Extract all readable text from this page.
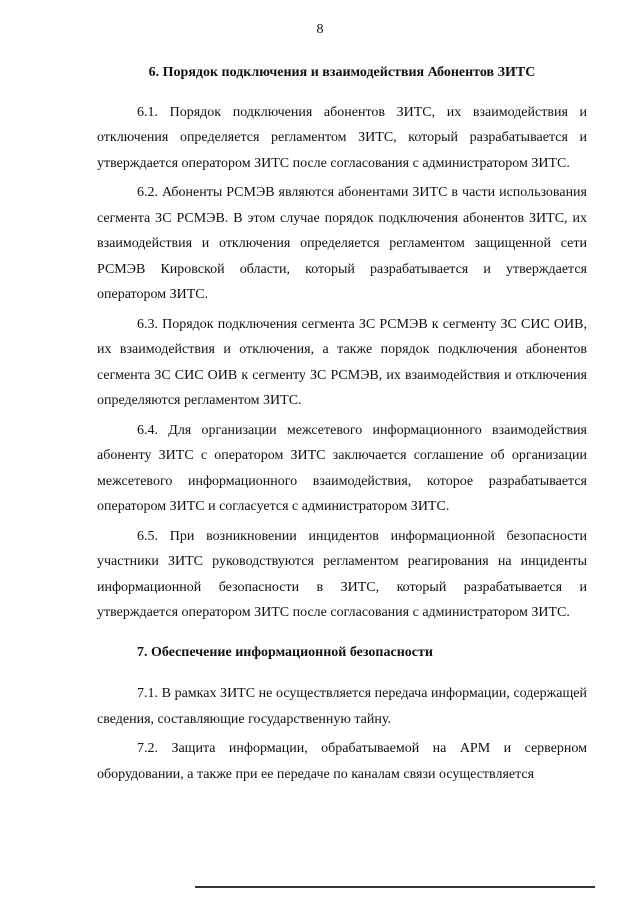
8

6. Порядок подключения и взаимодействия Абонентов ЗИТС

6.1. Порядок подключения абонентов ЗИТС, их взаимодействия и отключения определяется регламентом ЗИТС, который разрабатывается и утверждается оператором ЗИТС после согласования с администратором ЗИТС.

6.2. Абоненты РСМЭВ являются абонентами ЗИТС в части использования сегмента ЗС РСМЭВ. В этом случае порядок подключения абонентов ЗИТС, их взаимодействия и отключения определяется регламентом защищенной сети РСМЭВ Кировской области, который разрабатывается и утверждается оператором ЗИТС.

6.3. Порядок подключения сегмента ЗС РСМЭВ к сегменту ЗС СИС ОИВ, их взаимодействия и отключения, а также порядок подключения абонентов сегмента ЗС СИС ОИВ к сегменту ЗС РСМЭВ, их взаимодействия и отключения определяются регламентом ЗИТС.

6.4. Для организации межсетевого информационного взаимодействия абоненту ЗИТС с оператором ЗИТС заключается соглашение об организации межсетевого информационного взаимодействия, которое разрабатывается оператором ЗИТС и согласуется с администратором ЗИТС.

6.5. При возникновении инцидентов информационной безопасности участники ЗИТС руководствуются регламентом реагирования на инциденты информационной безопасности в ЗИТС, который разрабатывается и утверждается оператором ЗИТС после согласования с администратором ЗИТС.

7. Обеспечение информационной безопасности

7.1. В рамках ЗИТС не осуществляется передача информации, содержащей сведения, составляющие государственную тайну.

7.2. Защита информации, обрабатываемой на АРМ и серверном оборудовании, а также при ее передаче по каналам связи осуществляется
